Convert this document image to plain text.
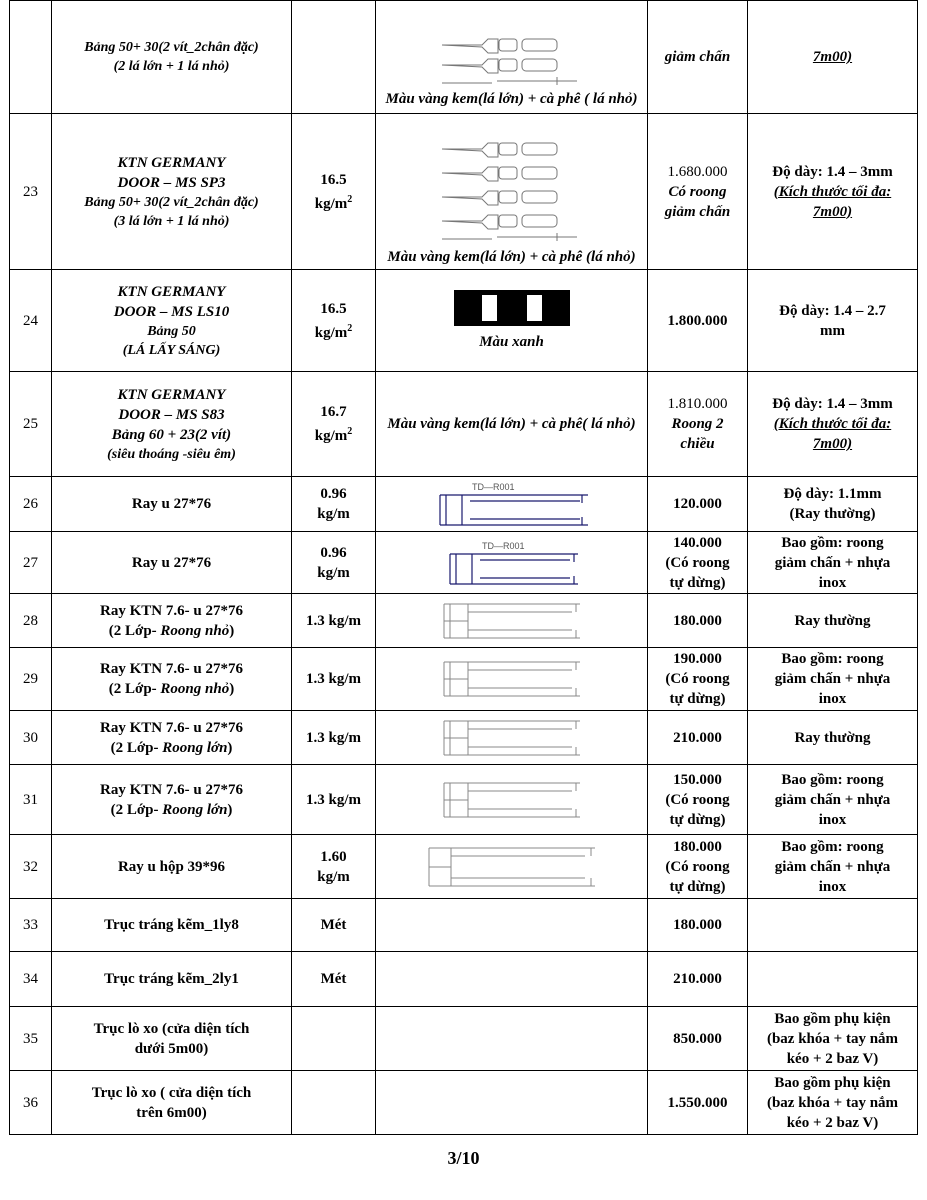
	Bảng 50+ 30(2 vít_2chân đặc)
(2 lá lớn + 1 lá nhỏ)		Màu vàng kem(lá lớn) + cà phê ( lá nhỏ)	giảm chấn	7m00)

23	KTN GERMANY
DOOR – MS SP3
Bảng 50+ 30(2 vít_2chân đặc)
(3 lá lớn + 1 lá nhỏ)	16.5
$kg/m^2$	Màu vàng kem(lá lớn) + cà phê (lá nhỏ)	1.680.000
Có roong
giảm chấn	Độ dày: 1.4 – 3mm
(Kích thước tối đa:
7m00)

24	KTN GERMANY
DOOR – MS LS10
Bảng 50
(LÁ LẤY SÁNG)	16.5
$kg/m^2$	Màu xanh	1.800.000	Độ dày: 1.4 – 2.7
mm

25	KTN GERMANY
DOOR – MS S83
Bảng 60 + 23(2 vít)
(siêu thoáng -siêu êm)	16.7
$kg/m^2$	Màu vàng kem(lá lớn) + cà phê( lá nhỏ)	1.810.000
Roong 2
chiều	Độ dày: 1.4 – 3mm
(Kích thước tối đa:
7m00)

26	Ray u 27*76	0.96
kg/m	TD—R001	120.000	Độ dày: 1.1mm
(Ray thường)

27	Ray u 27*76	0.96
kg/m	TD—R001	140.000
(Có roong
tự dừng)	Bao gồm: roong
giảm chấn + nhựa
inox

28	Ray KTN 7.6- u 27*76
(2 Lớp- Roong nhỏ)	1.3 kg/m		180.000	Ray thường
29	Ray KTN 7.6- u 27*76
(2 Lớp- Roong nhỏ)	1.3 kg/m		190.000
(Có roong
tự dừng)	Bao gồm: roong
giảm chấn + nhựa
inox

30	Ray KTN 7.6- u 27*76
(2 Lớp- Roong lớn)	1.3 kg/m		210.000	Ray thường
31	Ray KTN 7.6- u 27*76
(2 Lớp- Roong lớn)	1.3 kg/m		150.000
(Có roong
tự dừng)	Bao gồm: roong
giảm chấn + nhựa
inox

32	Ray u hộp 39*96	1.60
kg/m		180.000
(Có roong
tự dừng)	Bao gồm: roong
giảm chấn + nhựa
inox

33	Trục tráng kẽm_1ly8	Mét		180.000	
34	Trục tráng kẽm_2ly1	Mét		210.000	
35	Trục lò xo (cửa diện tích
dưới 5m00)			850.000	Bao gồm phụ kiện
(baz khóa + tay nắm
kéo + 2 baz V)

36	Trục lò xo ( cửa diện tích
trên 6m00)			1.550.000	Bao gồm phụ kiện
(baz khóa + tay nắm
kéo + 2 baz V)
3/10
